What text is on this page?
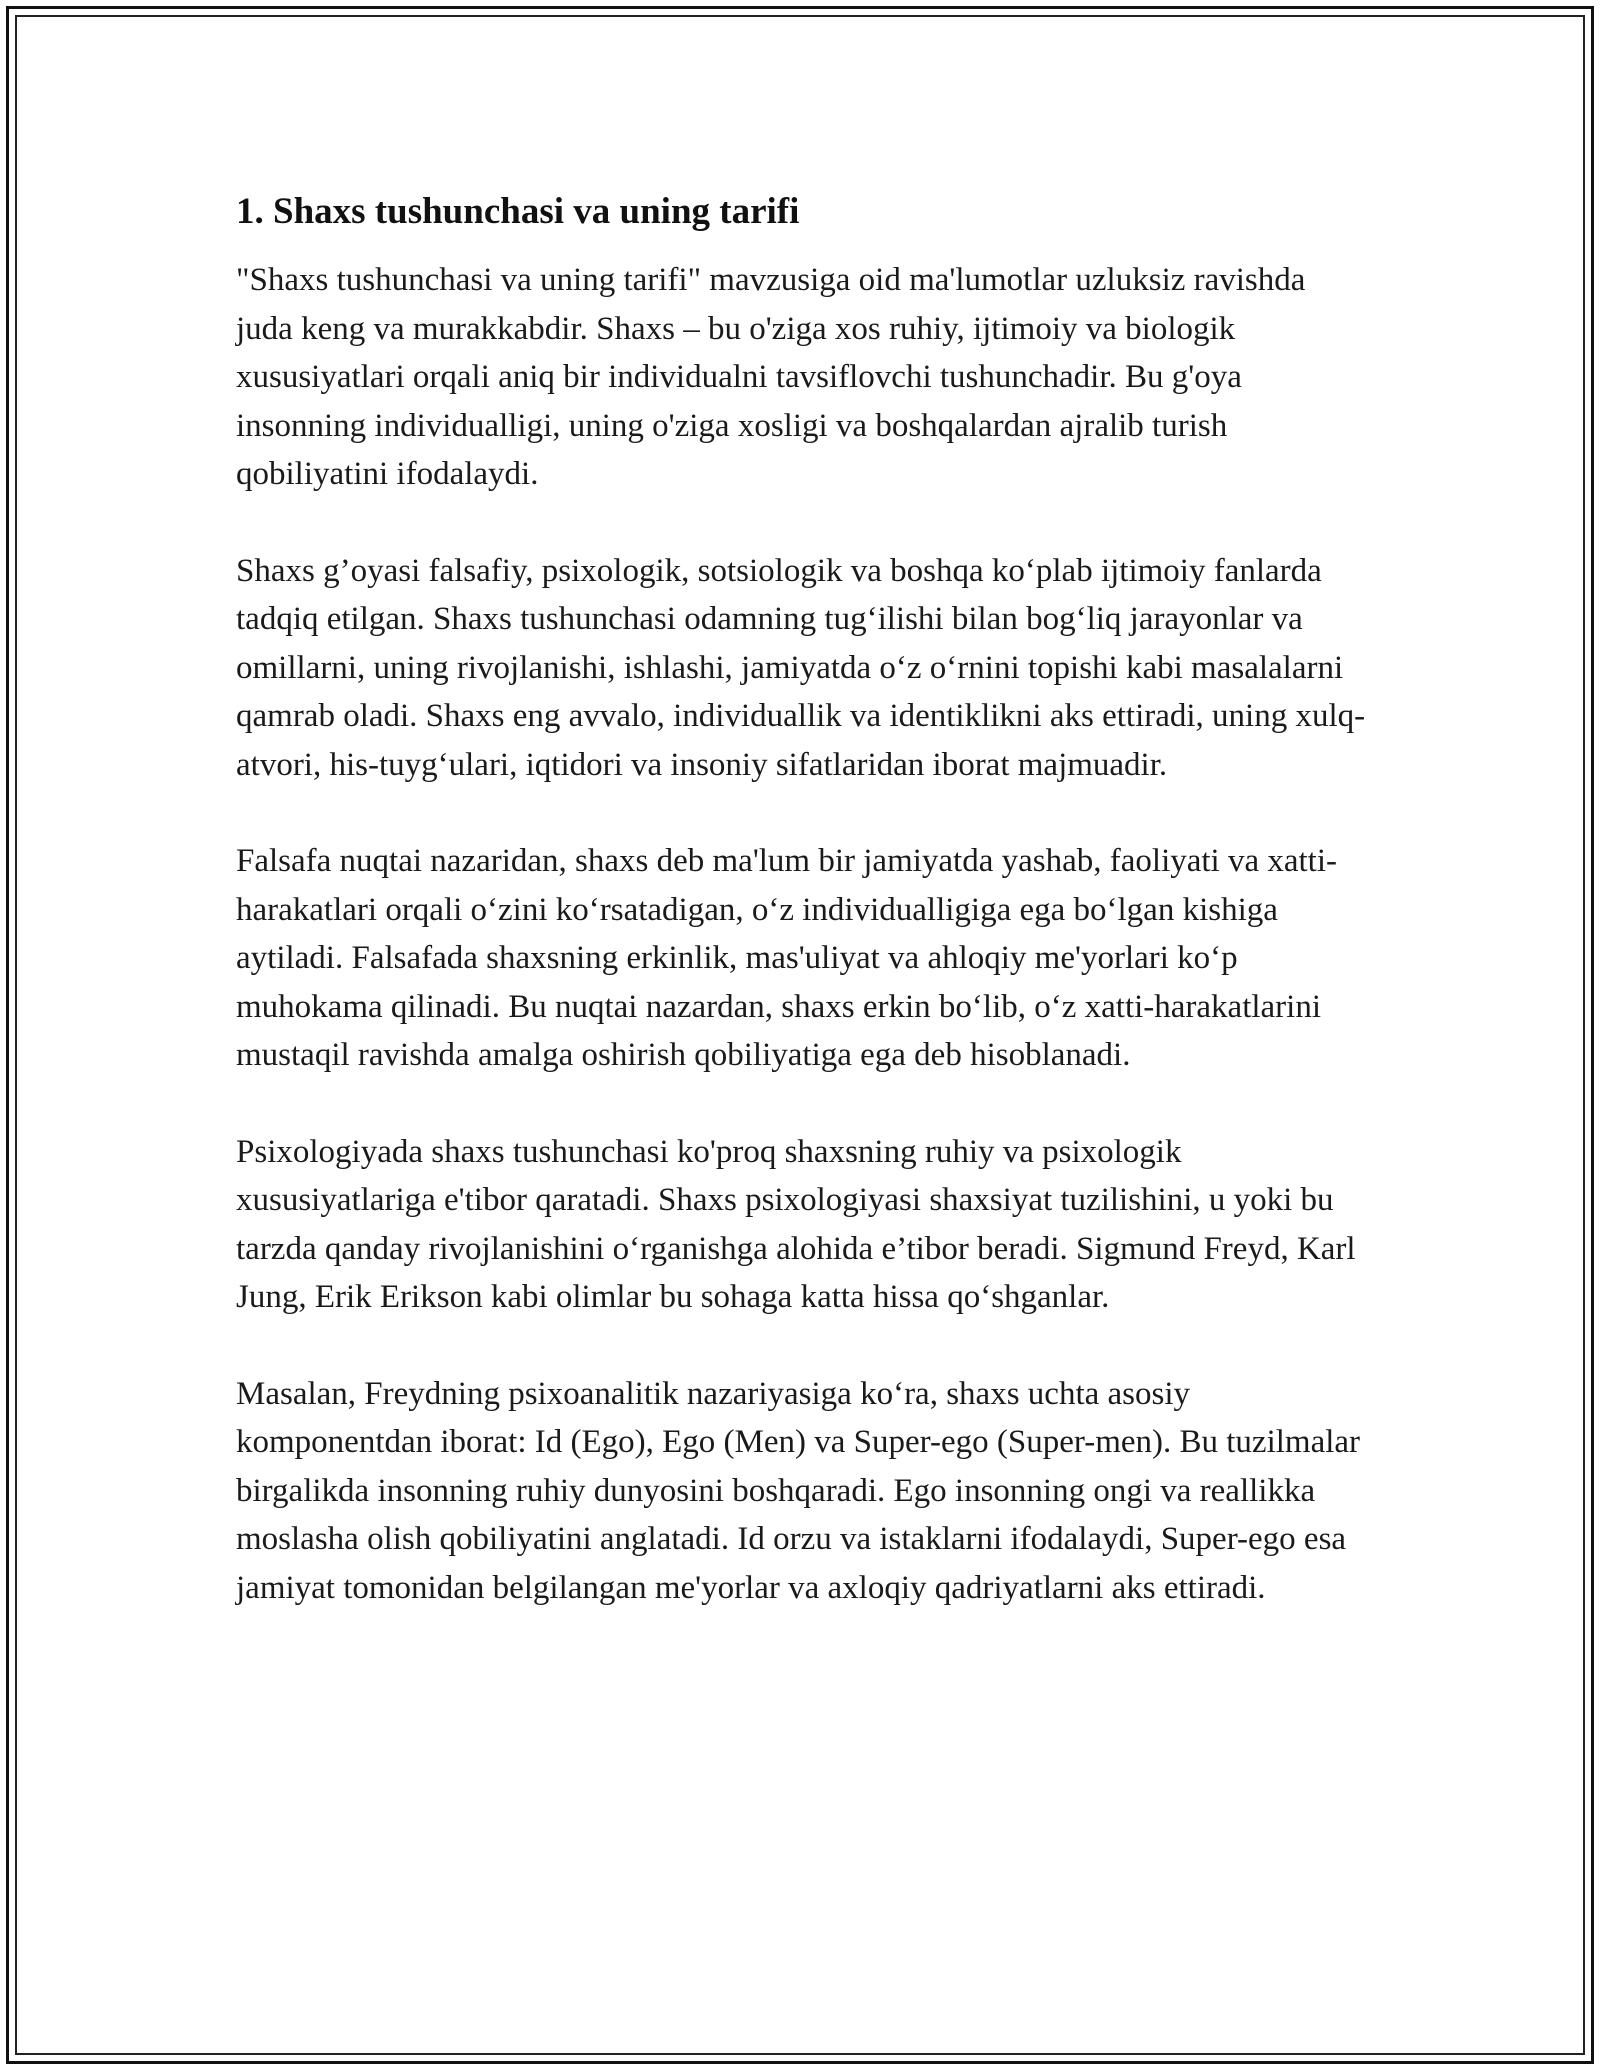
1. Shaxs tushunchasi va uning tarifi

"Shaxs tushunchasi va uning tarifi" mavzusiga oid ma'lumotlar uzluksiz ravishda juda keng va murakkabdir. Shaxs – bu o'ziga xos ruhiy, ijtimoiy va biologik xususiyatlari orqali aniq bir individualni tavsiflovchi tushunchadir. Bu g'oya insonning individualligi, uning o'ziga xosligi va boshqalardan ajralib turish qobiliyatini ifodalaydi.

Shaxs g’oyasi falsafiy, psixologik, sotsiologik va boshqa ko‘plab ijtimoiy fanlarda tadqiq etilgan. Shaxs tushunchasi odamning tug‘ilishi bilan bog‘liq jarayonlar va omillarni, uning rivojlanishi, ishlashi, jamiyatda o‘z o‘rnini topishi kabi masalalarni qamrab oladi. Shaxs eng avvalo, individuallik va identiklikni aks ettiradi, uning xulq-atvori, his-tuyg‘ulari, iqtidori va insoniy sifatlaridan iborat majmuadir.

Falsafa nuqtai nazaridan, shaxs deb ma'lum bir jamiyatda yashab, faoliyati va xatti-harakatlari orqali o‘zini ko‘rsatadigan, o‘z individualligiga ega bo‘lgan kishiga aytiladi. Falsafada shaxsning erkinlik, mas'uliyat va ahloqiy me'yorlari ko‘p muhokama qilinadi. Bu nuqtai nazardan, shaxs erkin bo‘lib, o‘z xatti-harakatlarini mustaqil ravishda amalga oshirish qobiliyatiga ega deb hisoblanadi.

Psixologiyada shaxs tushunchasi ko'proq shaxsning ruhiy va psixologik xususiyatlariga e'tibor qaratadi. Shaxs psixologiyasi shaxsiyat tuzilishini, u yoki bu tarzda qanday rivojlanishini o‘rganishga alohida e’tibor beradi. Sigmund Freyd, Karl Jung, Erik Erikson kabi olimlar bu sohaga katta hissa qo‘shganlar.

Masalan, Freydning psixoanalitik nazariyasiga ko‘ra, shaxs uchta asosiy komponentdan iborat: Id (Ego), Ego (Men) va Super-ego (Super-men). Bu tuzilmalar birgalikda insonning ruhiy dunyosini boshqaradi. Ego insonning ongi va reallikka moslasha olish qobiliyatini anglatadi. Id orzu va istaklarni ifodalaydi, Super-ego esa jamiyat tomonidan belgilangan me'yorlar va axloqiy qadriyatlarni aks ettiradi.
